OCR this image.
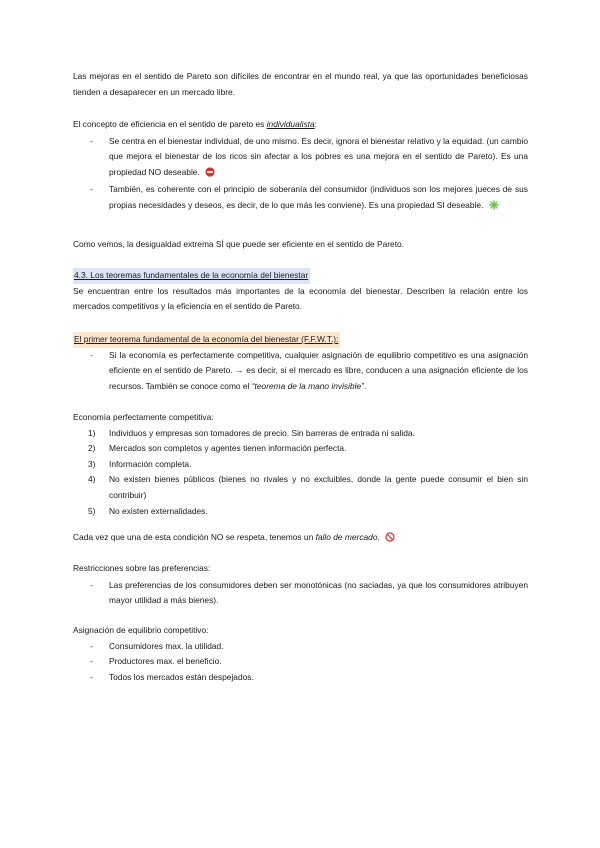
Las mejoras en el sentido de Pareto son difíciles de encontrar en el mundo real, ya que las oportunidades beneficiosas tienden a desaparecer en un mercado libre.

El concepto de eficiencia en el sentido de pareto es individualista:

- Se centra en el bienestar individual, de uno mismo. Es decir, ignora el bienestar relativo y la equidad. (un cambio que mejora el bienestar de los ricos sin afectar a los pobres es una mejora en el sentido de Pareto). Es una propiedad NO deseable.
- También, es coherente con el principio de soberanía del consumidor (individuos son los mejores jueces de sus propias necesidades y deseos, es decir, de lo que más les conviene). Es una propiedad SI deseable.

Como vemos, la desigualdad extrema SÍ que puede ser eficiente en el sentido de Pareto.

4.3. Los teoremas fundamentales de la economía del bienestar

Se encuentran entre los resultados más importantes de la economía del bienestar. Describen la relación entre los mercados competitivos y la eficiencia en el sentido de Pareto.

El primer teorema fundamental de la economía del bienestar (F.F.W.T.):

- Si la economía es perfectamente competitiva, cualquier asignación de equilibrio competitivo es una asignación eficiente en el sentido de Pareto. → es decir, si el mercado es libre, conducen a una asignación eficiente de los recursos. También se conoce como el “teorema de la mano invisible”.

Economía perfectamente competitiva:

1) Individuos y empresas son tomadores de precio. Sin barreras de entrada ni salida.
2) Mercados son completos y agentes tienen información perfecta.
3) Información completa.
4) No existen bienes públicos (bienes no rivales y no excluibles, donde la gente puede consumir el bien sin contribuir)
5) No existen externalidades.

Cada vez que una de esta condición NO se respeta, tenemos un fallo de mercado.

Restricciones sobre las preferencias:

- Las preferencias de los consumidores deben ser monotónicas (no saciadas, ya que los consumidores atribuyen mayor utilidad a más bienes).

Asignación de equilibrio competitivo:

- Consumidores max. la utilidad.
- Productores max. el beneficio.
- Todos los mercados están despejados.
